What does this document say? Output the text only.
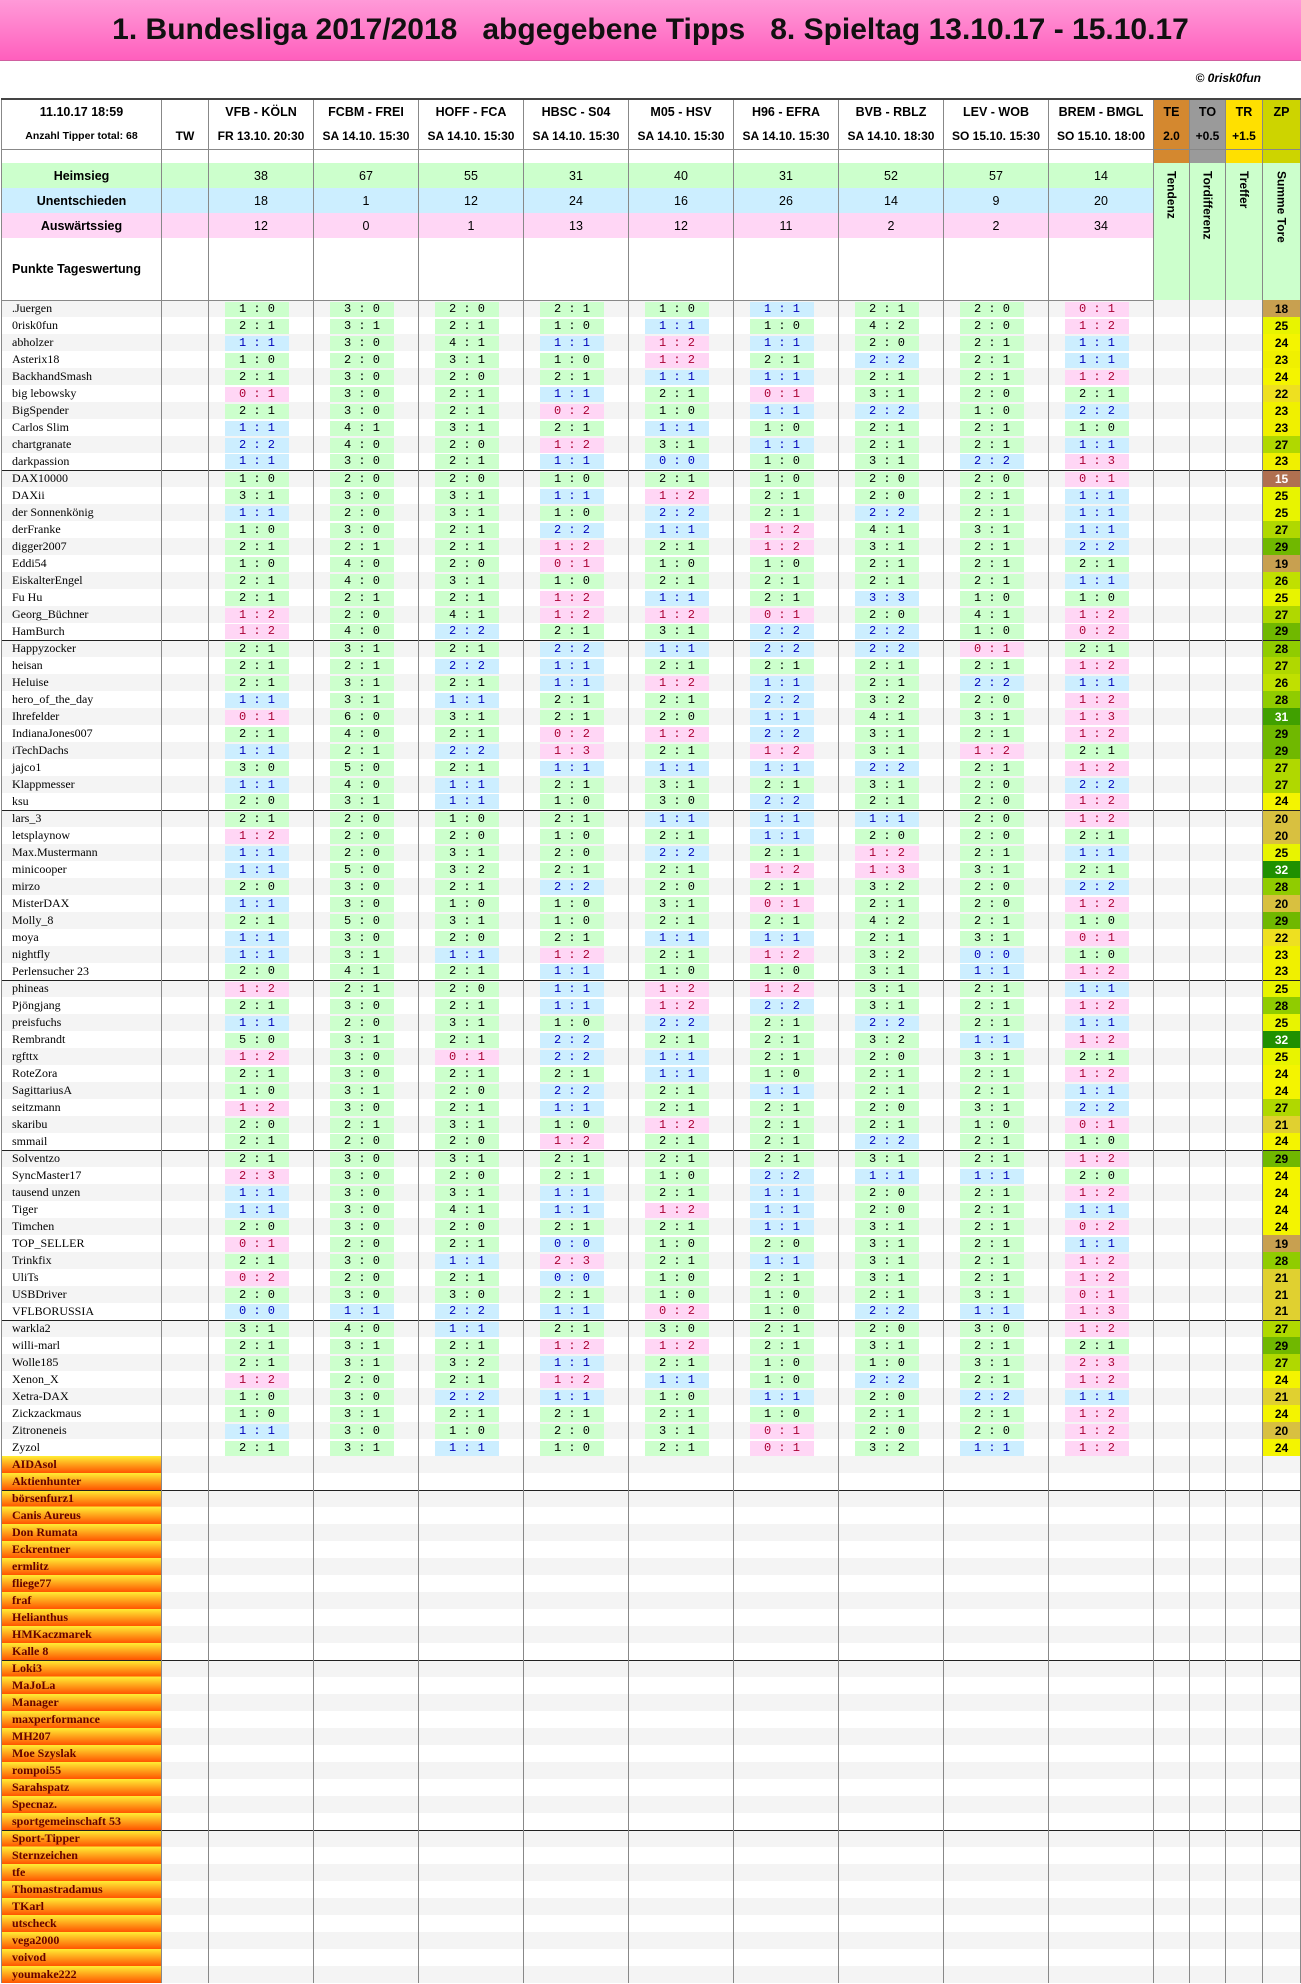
1. Bundesliga 2017/2018   abgegebene Tipps   8. Spieltag 13.10.17 - 15.10.17
© 0risk0fun
11.10.17 18:59		VFB - KÖLN	FCBM - FREI	HOFF - FCA	HBSC - S04	M05 - HSV	H96 - EFRA	BVB - RBLZ	LEV - WOB	BREM - BMGL	TE	TO	TR	ZP
Anzahl Tipper total: 68	TW	FR 13.10. 20:30	SA 14.10. 15:30	SA 14.10. 15:30	SA 14.10. 15:30	SA 14.10. 15:30	SA 14.10. 15:30	SA 14.10. 18:30	SO 15.10. 15:30	SO 15.10. 18:00	2.0	+0.5	+1.5	

Heimsieg		38	67	55	31	40	31	52	57	14	Tendenz	Tordifferenz	Treffer	Summe Tore
Unentschieden		18	1	12	24	16	26	14	9	20				
Auswärtssieg		12	0	1	13	12	11	2	2	34				
Punkte Tageswertung														
.Juergen		1 : 0	3 : 0	2 : 0	2 : 1	1 : 0	1 : 1	2 : 1	2 : 0	0 : 1				18
0risk0fun		2 : 1	3 : 1	2 : 1	1 : 0	1 : 1	1 : 0	4 : 2	2 : 0	1 : 2				25
abholzer		1 : 1	3 : 0	4 : 1	1 : 1	1 : 2	1 : 1	2 : 0	2 : 1	1 : 1				24
Asterix18		1 : 0	2 : 0	3 : 1	1 : 0	1 : 2	2 : 1	2 : 2	2 : 1	1 : 1				23
BackhandSmash		2 : 1	3 : 0	2 : 0	2 : 1	1 : 1	1 : 1	2 : 1	2 : 1	1 : 2				24
big lebowsky		0 : 1	3 : 0	2 : 1	1 : 1	2 : 1	0 : 1	3 : 1	2 : 0	2 : 1				22
BigSpender		2 : 1	3 : 0	2 : 1	0 : 2	1 : 0	1 : 1	2 : 2	1 : 0	2 : 2				23
Carlos Slim		1 : 1	4 : 1	3 : 1	2 : 1	1 : 1	1 : 0	2 : 1	2 : 1	1 : 0				23
chartgranate		2 : 2	4 : 0	2 : 0	1 : 2	3 : 1	1 : 1	2 : 1	2 : 1	1 : 1				27
darkpassion		1 : 1	3 : 0	2 : 1	1 : 1	0 : 0	1 : 0	3 : 1	2 : 2	1 : 3				23
DAX10000		1 : 0	2 : 0	2 : 0	1 : 0	2 : 1	1 : 0	2 : 0	2 : 0	0 : 1				15
DAXii		3 : 1	3 : 0	3 : 1	1 : 1	1 : 2	2 : 1	2 : 0	2 : 1	1 : 1				25
der Sonnenkönig		1 : 1	2 : 0	3 : 1	1 : 0	2 : 2	2 : 1	2 : 2	2 : 1	1 : 1				25
derFranke		1 : 0	3 : 0	2 : 1	2 : 2	1 : 1	1 : 2	4 : 1	3 : 1	1 : 1				27
digger2007		2 : 1	2 : 1	2 : 1	1 : 2	2 : 1	1 : 2	3 : 1	2 : 1	2 : 2				29
Eddi54		1 : 0	4 : 0	2 : 0	0 : 1	1 : 0	1 : 0	2 : 1	2 : 1	2 : 1				19
EiskalterEngel		2 : 1	4 : 0	3 : 1	1 : 0	2 : 1	2 : 1	2 : 1	2 : 1	1 : 1				26
Fu Hu		2 : 1	2 : 1	2 : 1	1 : 2	1 : 1	2 : 1	3 : 3	1 : 0	1 : 0				25
Georg_Büchner		1 : 2	2 : 0	4 : 1	1 : 2	1 : 2	0 : 1	2 : 0	4 : 1	1 : 2				27
HamBurch		1 : 2	4 : 0	2 : 2	2 : 1	3 : 1	2 : 2	2 : 2	1 : 0	0 : 2				29
Happyzocker		2 : 1	3 : 1	2 : 1	2 : 2	1 : 1	2 : 2	2 : 2	0 : 1	2 : 1				28
heisan		2 : 1	2 : 1	2 : 2	1 : 1	2 : 1	2 : 1	2 : 1	2 : 1	1 : 2				27
Heluise		2 : 1	3 : 1	2 : 1	1 : 1	1 : 2	1 : 1	2 : 1	2 : 2	1 : 1				26
hero_of_the_day		1 : 1	3 : 1	1 : 1	2 : 1	2 : 1	2 : 2	3 : 2	2 : 0	1 : 2				28
Ihrefelder		0 : 1	6 : 0	3 : 1	2 : 1	2 : 0	1 : 1	4 : 1	3 : 1	1 : 3				31
IndianaJones007		2 : 1	4 : 0	2 : 1	0 : 2	1 : 2	2 : 2	3 : 1	2 : 1	1 : 2				29
iTechDachs		1 : 1	2 : 1	2 : 2	1 : 3	2 : 1	1 : 2	3 : 1	1 : 2	2 : 1				29
jajco1		3 : 0	5 : 0	2 : 1	1 : 1	1 : 1	1 : 1	2 : 2	2 : 1	1 : 2				27
Klappmesser		1 : 1	4 : 0	1 : 1	2 : 1	3 : 1	2 : 1	3 : 1	2 : 0	2 : 2				27
ksu		2 : 0	3 : 1	1 : 1	1 : 0	3 : 0	2 : 2	2 : 1	2 : 0	1 : 2				24
lars_3		2 : 1	2 : 0	1 : 0	2 : 1	1 : 1	1 : 1	1 : 1	2 : 0	1 : 2				20
letsplaynow		1 : 2	2 : 0	2 : 0	1 : 0	2 : 1	1 : 1	2 : 0	2 : 0	2 : 1				20
Max.Mustermann		1 : 1	2 : 0	3 : 1	2 : 0	2 : 2	2 : 1	1 : 2	2 : 1	1 : 1				25
minicooper		1 : 1	5 : 0	3 : 2	2 : 1	2 : 1	1 : 2	1 : 3	3 : 1	2 : 1				32
mirzo		2 : 0	3 : 0	2 : 1	2 : 2	2 : 0	2 : 1	3 : 2	2 : 0	2 : 2				28
MisterDAX		1 : 1	3 : 0	1 : 0	1 : 0	3 : 1	0 : 1	2 : 1	2 : 0	1 : 2				20
Molly_8		2 : 1	5 : 0	3 : 1	1 : 0	2 : 1	2 : 1	4 : 2	2 : 1	1 : 0				29
moya		1 : 1	3 : 0	2 : 0	2 : 1	1 : 1	1 : 1	2 : 1	3 : 1	0 : 1				22
nightfly		1 : 1	3 : 1	1 : 1	1 : 2	2 : 1	1 : 2	3 : 2	0 : 0	1 : 0				23
Perlensucher 23		2 : 0	4 : 1	2 : 1	1 : 1	1 : 0	1 : 0	3 : 1	1 : 1	1 : 2				23
phineas		1 : 2	2 : 1	2 : 0	1 : 1	1 : 2	1 : 2	3 : 1	2 : 1	1 : 1				25
Pjöngjang		2 : 1	3 : 0	2 : 1	1 : 1	1 : 2	2 : 2	3 : 1	2 : 1	1 : 2				28
preisfuchs		1 : 1	2 : 0	3 : 1	1 : 0	2 : 2	2 : 1	2 : 2	2 : 1	1 : 1				25
Rembrandt		5 : 0	3 : 1	2 : 1	2 : 2	2 : 1	2 : 1	3 : 2	1 : 1	1 : 2				32
rgfttx		1 : 2	3 : 0	0 : 1	2 : 2	1 : 1	2 : 1	2 : 0	3 : 1	2 : 1				25
RoteZora		2 : 1	3 : 0	2 : 1	2 : 1	1 : 1	1 : 0	2 : 1	2 : 1	1 : 2				24
SagittariusA		1 : 0	3 : 1	2 : 0	2 : 2	2 : 1	1 : 1	2 : 1	2 : 1	1 : 1				24
seitzmann		1 : 2	3 : 0	2 : 1	1 : 1	2 : 1	2 : 1	2 : 0	3 : 1	2 : 2				27
skaribu		2 : 0	2 : 1	3 : 1	1 : 0	1 : 2	2 : 1	2 : 1	1 : 0	0 : 1				21
smmail		2 : 1	2 : 0	2 : 0	1 : 2	2 : 1	2 : 1	2 : 2	2 : 1	1 : 0				24
Solventzo		2 : 1	3 : 0	3 : 1	2 : 1	2 : 1	2 : 1	3 : 1	2 : 1	1 : 2				29
SyncMaster17		2 : 3	3 : 0	2 : 0	2 : 1	1 : 0	2 : 2	1 : 1	1 : 1	2 : 0				24
tausend unzen		1 : 1	3 : 0	3 : 1	1 : 1	2 : 1	1 : 1	2 : 0	2 : 1	1 : 2				24
Tiger		1 : 1	3 : 0	4 : 1	1 : 1	1 : 2	1 : 1	2 : 0	2 : 1	1 : 1				24
Timchen		2 : 0	3 : 0	2 : 0	2 : 1	2 : 1	1 : 1	3 : 1	2 : 1	0 : 2				24
TOP_SELLER		0 : 1	2 : 0	2 : 1	0 : 0	1 : 0	2 : 0	3 : 1	2 : 1	1 : 1				19
Trinkfix		2 : 1	3 : 0	1 : 1	2 : 3	2 : 1	1 : 1	3 : 1	2 : 1	1 : 2				28
UliTs		0 : 2	2 : 0	2 : 1	0 : 0	1 : 0	2 : 1	3 : 1	2 : 1	1 : 2				21
USBDriver		2 : 0	3 : 0	3 : 0	2 : 1	1 : 0	1 : 0	2 : 1	3 : 1	0 : 1				21
VFLBORUSSIA		0 : 0	1 : 1	2 : 2	1 : 1	0 : 2	1 : 0	2 : 2	1 : 1	1 : 3				21
warkla2		3 : 1	4 : 0	1 : 1	2 : 1	3 : 0	2 : 1	2 : 0	3 : 0	1 : 2				27
willi-marl		2 : 1	3 : 1	2 : 1	1 : 2	1 : 2	2 : 1	3 : 1	2 : 1	2 : 1				29
Wolle185		2 : 1	3 : 1	3 : 2	1 : 1	2 : 1	1 : 0	1 : 0	3 : 1	2 : 3				27
Xenon_X		1 : 2	2 : 0	2 : 1	1 : 2	1 : 1	1 : 0	2 : 2	2 : 1	1 : 2				24
Xetra-DAX		1 : 0	3 : 0	2 : 2	1 : 1	1 : 0	1 : 1	2 : 0	2 : 2	1 : 1				21
Zickzackmaus		1 : 0	3 : 1	2 : 1	2 : 1	2 : 1	1 : 0	2 : 1	2 : 1	1 : 2				24
Zitroneneis		1 : 1	3 : 0	1 : 0	2 : 0	3 : 1	0 : 1	2 : 0	2 : 0	1 : 2				20
Zyzol		2 : 1	3 : 1	1 : 1	1 : 0	2 : 1	0 : 1	3 : 2	1 : 1	1 : 2				24
AIDAsol														
Aktienhunter														
börsenfurz1														
Canis Aureus														
Don Rumata														
Eckrentner														
ermlitz														
fliege77														
fraf														
Helianthus														
HMKaczmarek														
Kalle 8														
Loki3														
MaJoLa														
Manager														
maxperformance														
MH207														
Moe Szyslak														
rompoi55														
Sarahspatz														
Specnaz.														
sportgemeinschaft 53														
Sport-Tipper														
Sternzeichen														
tfe														
Thomastradamus														
TKarl														
utscheck														
vega2000														
voivod														
youmake222														
